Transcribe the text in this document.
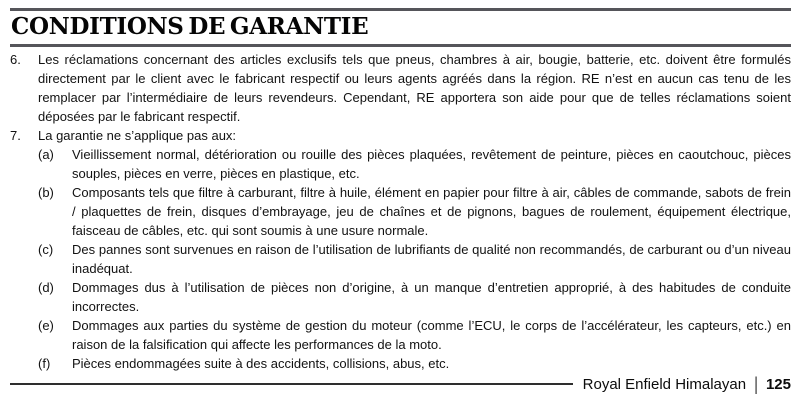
CONDITIONS DE GARANTIE
6.	Les réclamations concernant des articles exclusifs tels que pneus, chambres à air, bougie, batterie, etc. doivent être formulés directement par le client avec le fabricant respectif ou leurs agents agréés dans la région. RE n’est en aucun cas tenu de les remplacer par l’intermédiaire de leurs revendeurs. Cependant, RE apportera son aide pour que de telles réclamations soient déposées par le fabricant respectif.
7.	La garantie ne s’applique pas aux:
(a)	Vieillissement normal, détérioration ou rouille des pièces plaquées, revêtement de peinture, pièces en caoutchouc, pièces souples, pièces en verre, pièces en plastique, etc.
(b)	Composants tels que filtre à carburant, filtre à huile, élément en papier pour filtre à air, câbles de commande, sabots de frein / plaquettes de frein, disques d’embrayage, jeu de chaînes et de pignons, bagues de roulement, équipement électrique, faisceau de câbles, etc. qui sont soumis à une usure normale.
(c)	Des pannes sont survenues en raison de l’utilisation de lubrifiants de qualité non recommandés, de carburant ou d’un niveau inadéquat.
(d)	Dommages dus à l’utilisation de pièces non d’origine, à un manque d’entretien approprié, à des habitudes de conduite incorrectes.
(e)	Dommages aux parties du système de gestion du moteur (comme l’ECU, le corps de l’accélérateur, les capteurs, etc.) en raison de la falsification qui affecte les performances de la moto.
(f)	Pièces endommagées suite à des accidents, collisions, abus, etc.
Royal Enfield Himalayan | 125
